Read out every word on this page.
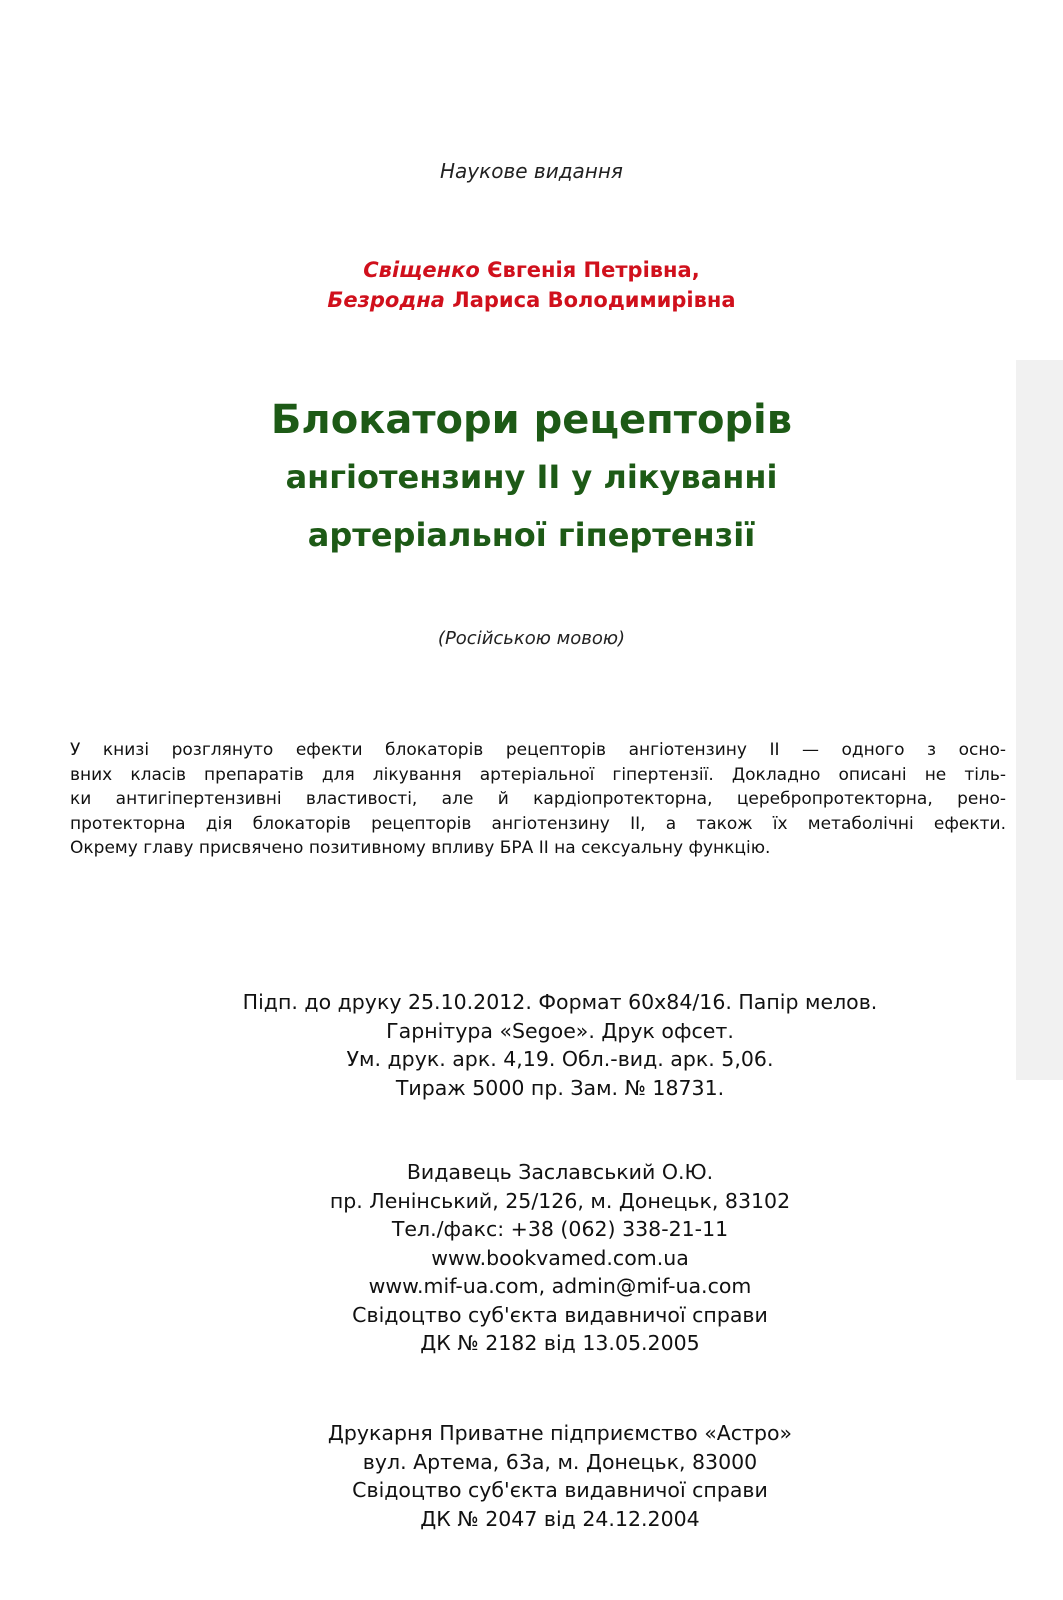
Наукове видання
Свіщенко Євгенія Петрівна,
Безродна Лариса Володимирівна
Блокатори рецепторів
ангіотензину II у лікуванні
артеріальної гіпертензії
(Російською мовою)
У книзі розглянуто ефекти блокаторів рецепторів ангіотензину II — одного з осно-
вних класів препаратів для лікування артеріальної гіпертензії. Докладно описані не тіль-
ки антигіпертензивні властивості, але й кардіопротекторна, церебропротекторна, рено-
протекторна дія блокаторів рецепторів ангіотензину II, а також їх метаболічні ефекти.
Окрему главу присвячено позитивному впливу БРА II на сексуальну функцію.
Підп. до друку 25.10.2012. Формат 60x84/16. Папір мелов.
Гарнітура «Segoe». Друк офсет.
Ум. друк. арк. 4,19. Обл.-вид. арк. 5,06.
Тираж 5000 пр. Зам. № 18731.
Видавець Заславський О.Ю.
пр. Ленінський, 25/126, м. Донецьк, 83102
Тел./факс: +38 (062) 338-21-11
www.bookvamed.com.ua
www.mif-ua.com, admin@mif-ua.com
Свідоцтво суб'єкта видавничої справи
ДК № 2182 від 13.05.2005
Друкарня Приватне підприємство «Астро»
вул. Артема, 63а, м. Донецьк, 83000
Свідоцтво суб'єкта видавничої справи
ДК № 2047 від 24.12.2004
